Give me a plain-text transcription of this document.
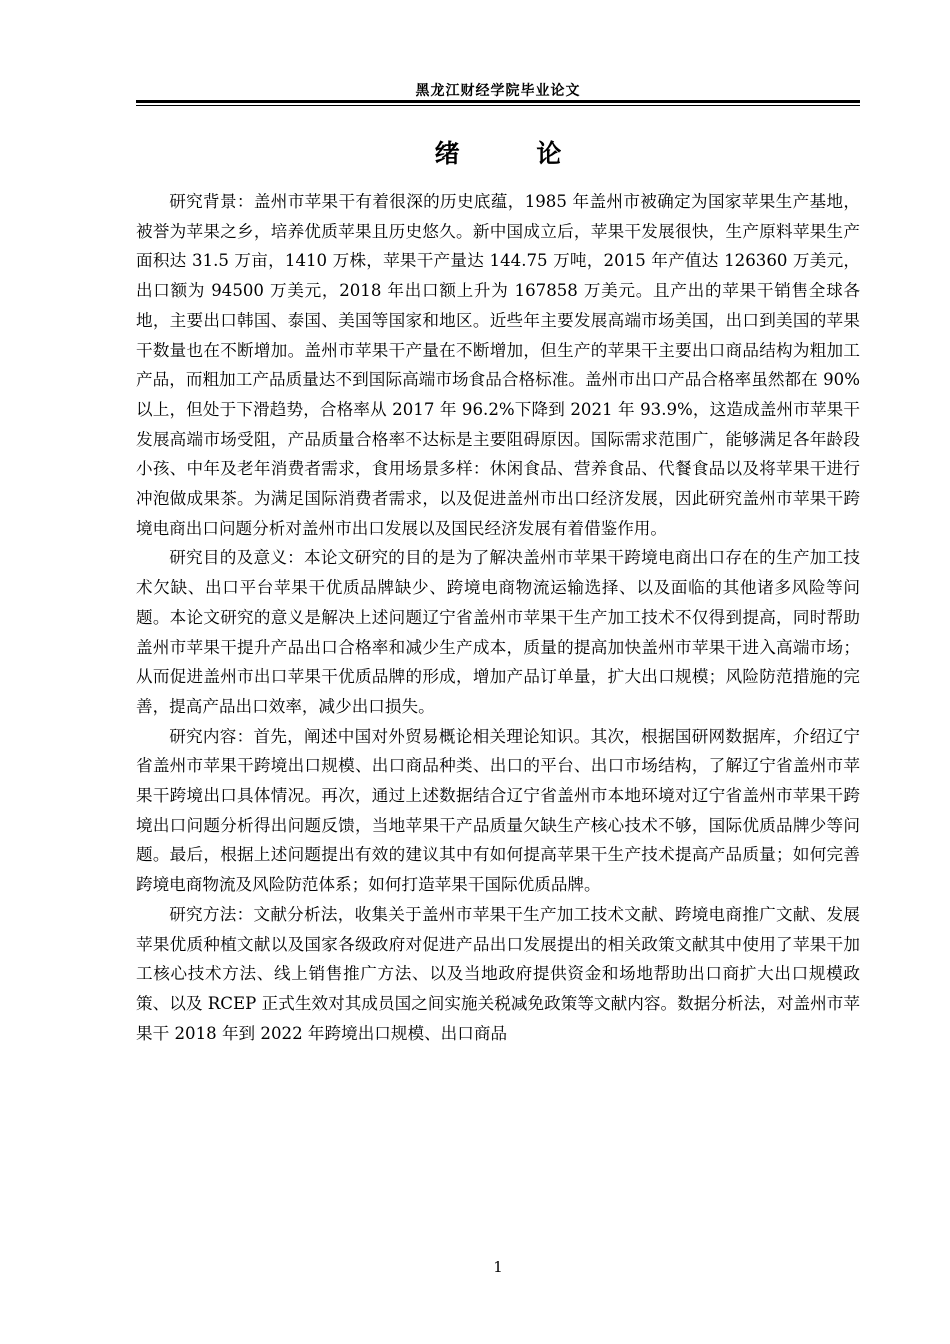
黑龙江财经学院毕业论文
绪 论

研究背景：盖州市苹果干有着很深的历史底蕴，1985 年盖州市被确定为国家苹果生产基地，被誉为苹果之乡，培养优质苹果且历史悠久。新中国成立后，苹果干发展很快，生产原料苹果生产面积达 31.5 万亩，1410 万株，苹果干产量达 144.75 万吨，2015 年产值达 126360 万美元，出口额为 94500 万美元，2018 年出口额上升为 167858 万美元。且产出的苹果干销售全球各地，主要出口韩国、泰国、美国等国家和地区。近些年主要发展高端市场美国，出口到美国的苹果干数量也在不断增加。盖州市苹果干产量在不断增加，但生产的苹果干主要出口商品结构为粗加工产品，而粗加工产品质量达不到国际高端市场食品合格标准。盖州市出口产品合格率虽然都在 90%以上，但处于下滑趋势，合格率从 2017 年 96.2%下降到 2021 年 93.9%，这造成盖州市苹果干发展高端市场受阻，产品质量合格率不达标是主要阻碍原因。国际需求范围广，能够满足各年龄段小孩、中年及老年消费者需求，食用场景多样：休闲食品、营养食品、代餐食品以及将苹果干进行冲泡做成果茶。为满足国际消费者需求，以及促进盖州市出口经济发展，因此研究盖州市苹果干跨境电商出口问题分析对盖州市出口发展以及国民经济发展有着借鉴作用。

研究目的及意义：本论文研究的目的是为了解决盖州市苹果干跨境电商出口存在的生产加工技术欠缺、出口平台苹果干优质品牌缺少、跨境电商物流运输选择、以及面临的其他诸多风险等问题。本论文研究的意义是解决上述问题辽宁省盖州市苹果干生产加工技术不仅得到提高，同时帮助盖州市苹果干提升产品出口合格率和减少生产成本，质量的提高加快盖州市苹果干进入高端市场；从而促进盖州市出口苹果干优质品牌的形成，增加产品订单量，扩大出口规模；风险防范措施的完善，提高产品出口效率，减少出口损失。

研究内容：首先，阐述中国对外贸易概论相关理论知识。其次，根据国研网数据库，介绍辽宁省盖州市苹果干跨境出口规模、出口商品种类、出口的平台、出口市场结构，了解辽宁省盖州市苹果干跨境出口具体情况。再次，通过上述数据结合辽宁省盖州市本地环境对辽宁省盖州市苹果干跨境出口问题分析得出问题反馈，当地苹果干产品质量欠缺生产核心技术不够，国际优质品牌少等问题。最后，根据上述问题提出有效的建议其中有如何提高苹果干生产技术提高产品质量；如何完善跨境电商物流及风险防范体系；如何打造苹果干国际优质品牌。

研究方法：文献分析法，收集关于盖州市苹果干生产加工技术文献、跨境电商推广文献、发展苹果优质种植文献以及国家各级政府对促进产品出口发展提出的相关政策文献其中使用了苹果干加工核心技术方法、线上销售推广方法、以及当地政府提供资金和场地帮助出口商扩大出口规模政策、以及 RCEP 正式生效对其成员国之间实施关税减免政策等文献内容。数据分析法，对盖州市苹果干 2018 年到 2022 年跨境出口规模、出口商品

1
